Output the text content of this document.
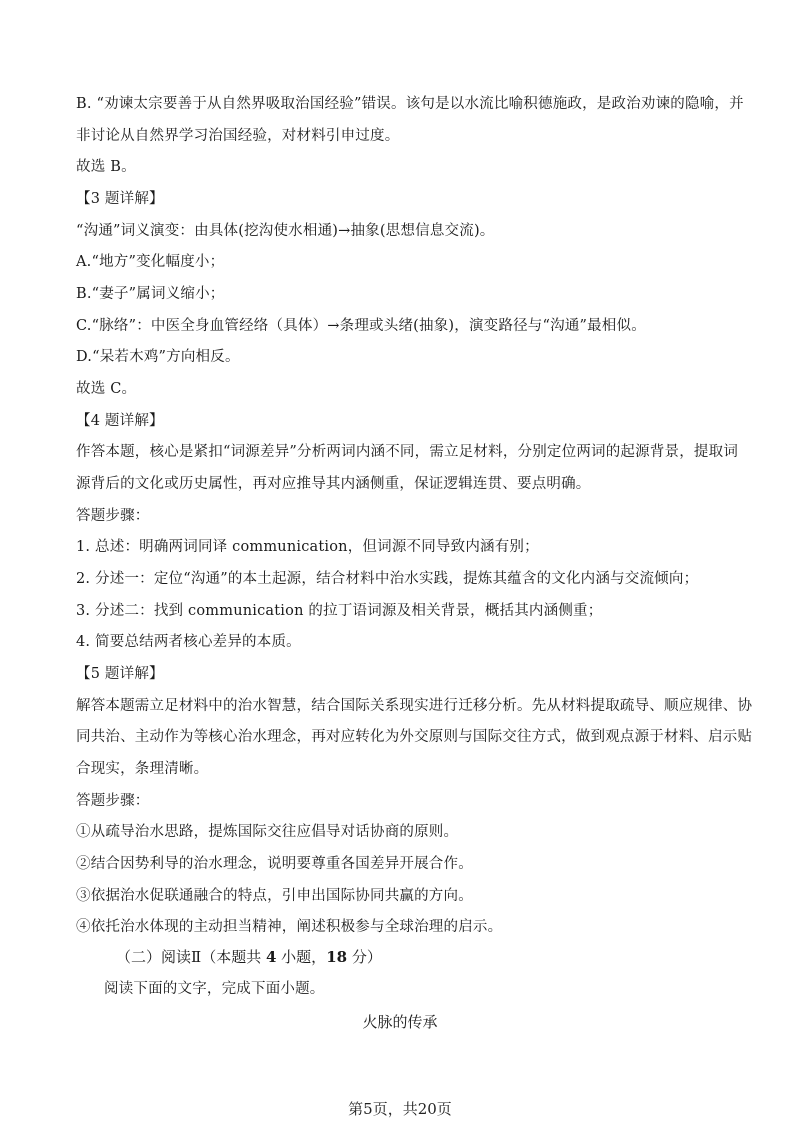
B. “劝谏太宗要善于从自然界吸取治国经验”错误。该句是以水流比喻积德施政，是政治劝谏的隐喻，并
非讨论从自然界学习治国经验，对材料引申过度。
故选 B。
【3 题详解】
“沟通”词义演变：由具体(挖沟使水相通)→抽象(思想信息交流)。
A.“地方”变化幅度小；
B.“妻子”属词义缩小；
C.“脉络”：中医全身血管经络（具体）→条理或头绪(抽象)，演变路径与“沟通”最相似。
D.“呆若木鸡”方向相反。
故选 C。
【4 题详解】
作答本题，核心是紧扣“词源差异”分析两词内涵不同，需立足材料，分别定位两词的起源背景，提取词
源背后的文化或历史属性，再对应推导其内涵侧重，保证逻辑连贯、要点明确。
答题步骤：
1. 总述：明确两词同译 communication，但词源不同导致内涵有别；
2. 分述一：定位“沟通”的本土起源，结合材料中治水实践，提炼其蕴含的文化内涵与交流倾向；
3. 分述二：找到 communication 的拉丁语词源及相关背景，概括其内涵侧重；
4. 简要总结两者核心差异的本质。
【5 题详解】
解答本题需立足材料中的治水智慧，结合国际关系现实进行迁移分析。先从材料提取疏导、顺应规律、协
同共治、主动作为等核心治水理念，再对应转化为外交原则与国际交往方式，做到观点源于材料、启示贴
合现实，条理清晰。
答题步骤：
①从疏导治水思路，提炼国际交往应倡导对话协商的原则。
②结合因势利导的治水理念，说明要尊重各国差异开展合作。
③依据治水促联通融合的特点，引申出国际协同共赢的方向。
④依托治水体现的主动担当精神，阐述积极参与全球治理的启示。
（二）阅读Ⅱ（本题共 4 小题，18 分）
阅读下面的文字，完成下面小题。
火脉的传承
第5页，共20页
